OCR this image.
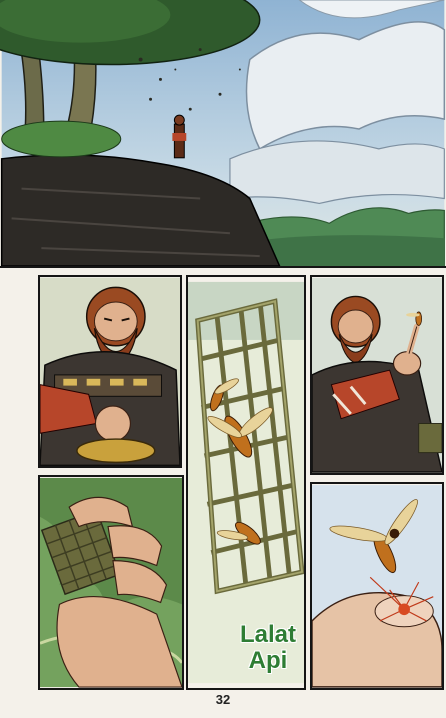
Lalat
Api
32
